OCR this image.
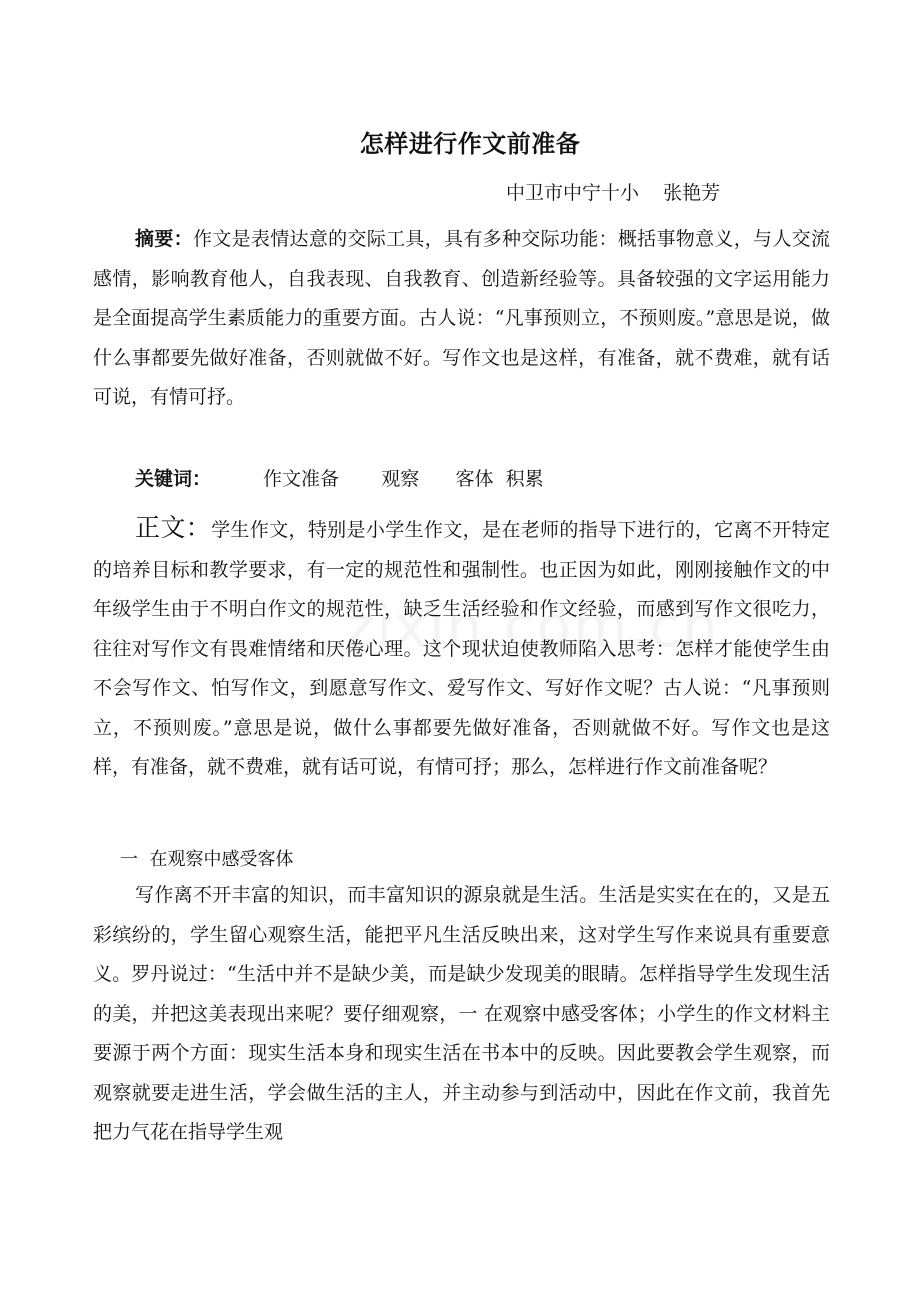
怎样进行作文前准备
中卫市中宁十小    张艳芳

摘要：作文是表情达意的交际工具，具有多种交际功能：概括事物意义，与人交流感情，影响教育他人，自我表现、自我教育、创造新经验等。具备较强的文字运用能力是全面提高学生素质能力的重要方面。古人说：“凡事预则立，不预则废。”意思是说，做什么事都要先做好准备，否则就做不好。写作文也是这样，有准备，就不费难，就有话可说，有情可抒。

关键词：	作文准备       观察      客体  积累

正文：学生作文，特别是小学生作文，是在老师的指导下进行的，它离不开特定的培养目标和教学要求，有一定的规范性和强制性。也正因为如此，刚刚接触作文的中年级学生由于不明白作文的规范性，缺乏生活经验和作文经验，而感到写作文很吃力，往往对写作文有畏难情绪和厌倦心理。这个现状迫使教师陷入思考：怎样才能使学生由不会写作文、怕写作文，到愿意写作文、爱写作文、写好作文呢？古人说：“凡事预则立，不预则废。”意思是说，做什么事都要先做好准备，否则就做不好。写作文也是这样，有准备，就不费难，就有话可说，有情可抒；那么，怎样进行作文前准备呢？

一  在观察中感受客体

写作离不开丰富的知识，而丰富知识的源泉就是生活。生活是实实在在的，又是五彩缤纷的，学生留心观察生活，能把平凡生活反映出来，这对学生写作来说具有重要意义。罗丹说过：“生活中并不是缺少美，而是缺少发现美的眼睛。怎样指导学生发现生活的美，并把这美表现出来呢？要仔细观察，一 在观察中感受客体；小学生的作文材料主要源于两个方面：现实生活本身和现实生活在书本中的反映。因此要教会学生观察，而观察就要走进生活，学会做生活的主人，并主动参与到活动中，因此在作文前，我首先把力气花在指导学生观
